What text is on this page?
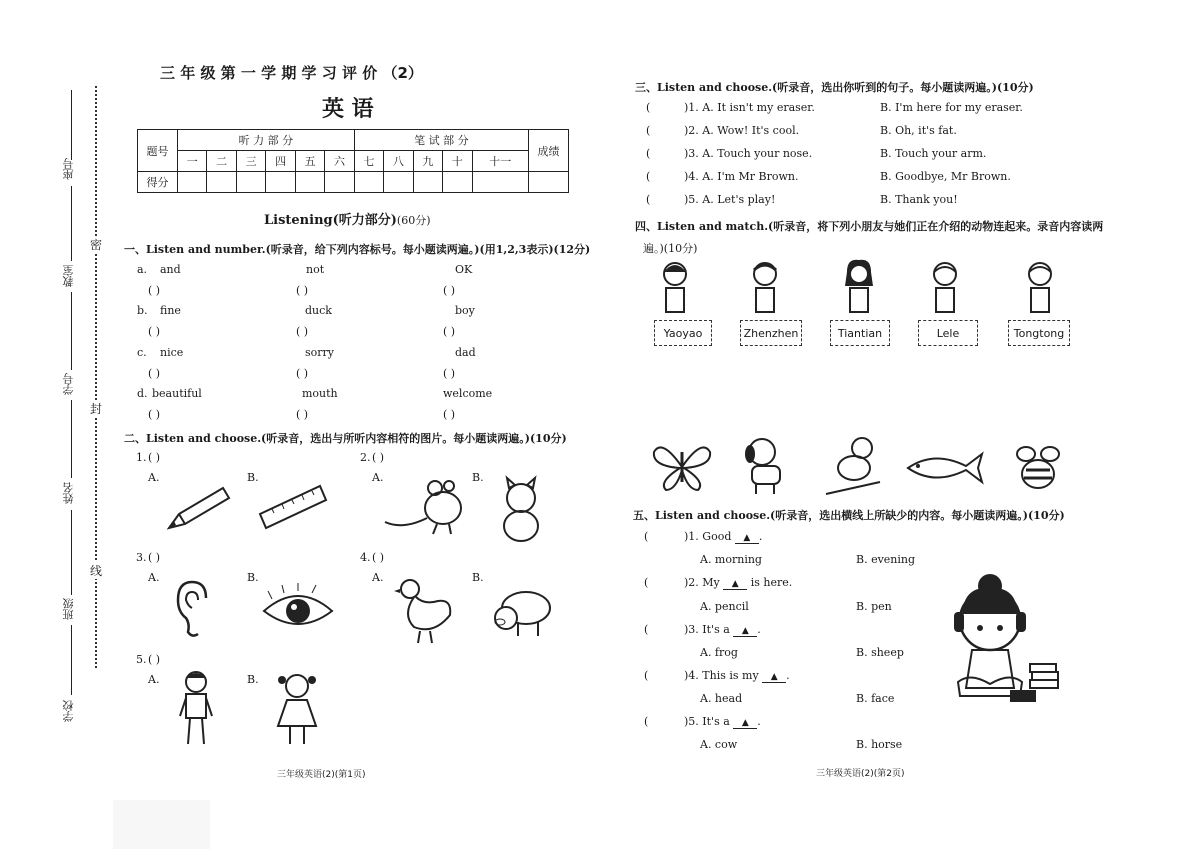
座号
教室
学号
姓名
班级
学校
密
封
线
三 年 级 第 一 学 期 学 习 评 价 （2）
英 语
题号	听 力 部 分						笔 试 部 分					成绩
	一	二	三	四	五	六	七	八	九	十	十一	
得分												
Listening(听力部分)(60分)
一、Listen and number.(听录音，给下列内容标号。每小题读两遍。)(用1,2,3表示)(12分)
a. and	not	OK
( )	( )	( )
b. fine	duck	boy
( )	( )	( )
c. nice	sorry	dad
( )	( )	( )
d. beautiful	mouth	welcome
( )	( )	( )
二、Listen and choose.(听录音，选出与所听内容相符的图片。每小题读两遍。)(10分)
1. ( )
A.	B.
2. ( )
A.	B.
3. ( )
A.	B.
4. ( )
A.	B.
5. ( )
A.	B.
三年级英语(2)(第1页)
三、Listen and choose.(听录音，选出你听到的句子。每小题读两遍。)(10分)
(	)1. A. It isn't my eraser.	B. I'm here for my eraser.
(	)2. A. Wow! It's cool.	B. Oh, it's fat.
(	)3. A. Touch your nose.	B. Touch your arm.
(	)4. A. I'm Mr Brown.	B. Goodbye, Mr Brown.
(	)5. A. Let's play!	B. Thank you!
四、Listen and match.(听录音，将下列小朋友与她们正在介绍的动物连起来。录音内容读两
遍。)(10分)
Yaoyao	Zhenzhen	Tiantian	Lele	Tongtong
五、Listen and choose.(听录音，选出横线上所缺少的内容。每小题读两遍。)(10分)
(	)1. Good ▲ .
A. morning	B. evening
(	)2. My ▲ is here.
A. pencil	B. pen
(	)3. It's a ▲ .
A. frog	B. sheep
(	)4. This is my ▲ .
A. head	B. face
(	)5. It's a ▲ .
A. cow	B. horse
三年级英语(2)(第2页)
